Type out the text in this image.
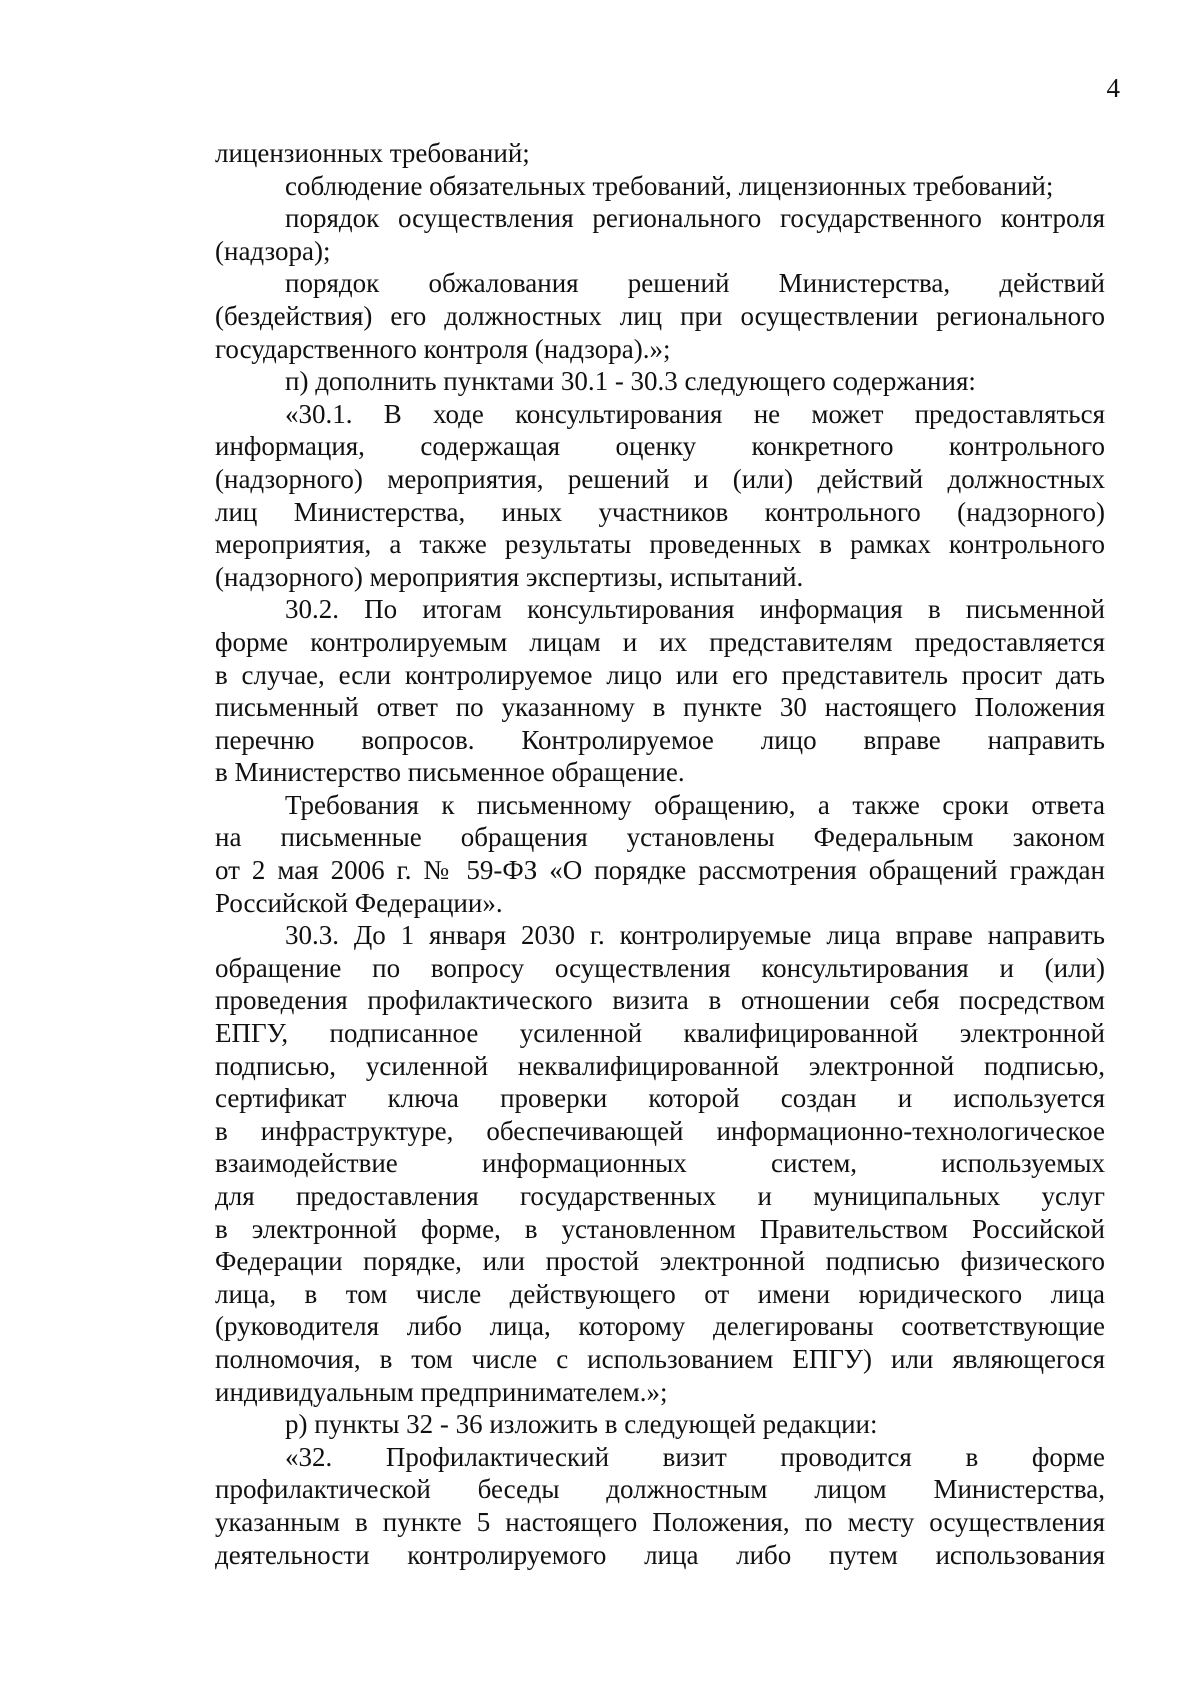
4
лицензионных требований;
соблюдение обязательных требований, лицензионных требований;
порядок осуществления регионального государственного контроля
(надзора);
порядок обжалования решений Министерства, действий
(бездействия) его должностных лиц при осуществлении регионального
государственного контроля (надзора).»;
п) дополнить пунктами 30.1 - 30.3 следующего содержания:
«30.1. В ходе консультирования не может предоставляться
информация, содержащая оценку конкретного контрольного
(надзорного) мероприятия, решений и (или) действий должностных
лиц Министерства, иных участников контрольного (надзорного)
мероприятия, а также результаты проведенных в рамках контрольного
(надзорного) мероприятия экспертизы, испытаний.
30.2. По итогам консультирования информация в письменной
форме контролируемым лицам и их представителям предоставляется
в случае, если контролируемое лицо или его представитель просит дать
письменный ответ по указанному в пункте 30 настоящего Положения
перечню вопросов. Контролируемое лицо вправе направить
в Министерство письменное обращение.
Требования к письменному обращению, а также сроки ответа
на письменные обращения установлены Федеральным законом
от 2 мая 2006 г. № 59-ФЗ «О порядке рассмотрения обращений граждан
Российской Федерации».
30.3. До 1 января 2030 г. контролируемые лица вправе направить
обращение по вопросу осуществления консультирования и (или)
проведения профилактического визита в отношении себя посредством
ЕПГУ, подписанное усиленной квалифицированной электронной
подписью, усиленной неквалифицированной электронной подписью,
сертификат ключа проверки которой создан и используется
в инфраструктуре, обеспечивающей информационно-технологическое
взаимодействие информационных систем, используемых
для предоставления государственных и муниципальных услуг
в электронной форме, в установленном Правительством Российской
Федерации порядке, или простой электронной подписью физического
лица, в том числе действующего от имени юридического лица
(руководителя либо лица, которому делегированы соответствующие
полномочия, в том числе с использованием ЕПГУ) или являющегося
индивидуальным предпринимателем.»;
р) пункты 32 - 36 изложить в следующей редакции:
«32. Профилактический визит проводится в форме
профилактической беседы должностным лицом Министерства,
указанным в пункте 5 настоящего Положения, по месту осуществления
деятельности контролируемого лица либо путем использования
